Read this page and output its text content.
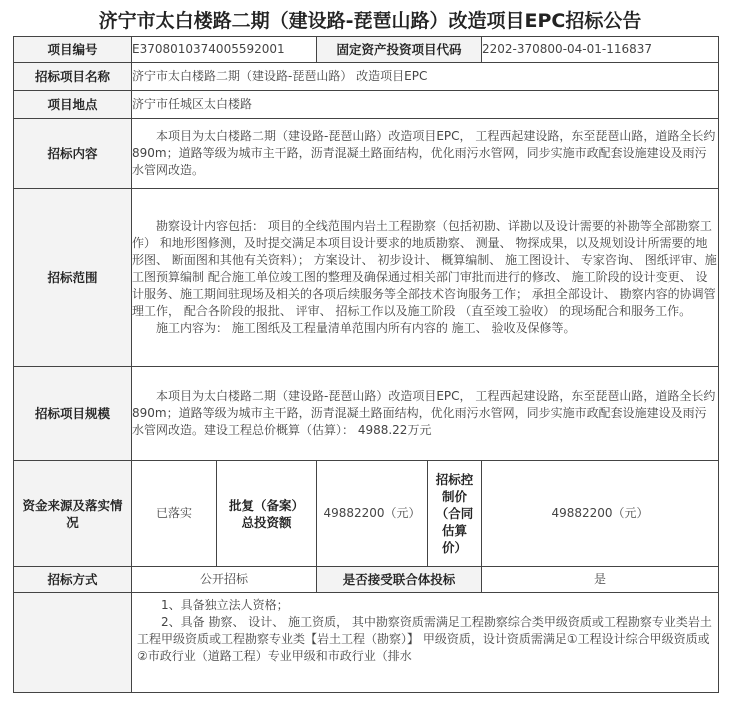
济宁市太白楼路二期（建设路-琵琶山路）改造项目EPC招标公告
项目编号	E3708010374005592001		固定资产投资项目代码		2202-370800-04-01-116837
招标项目名称	济宁市太白楼路二期（建设路-琵琶山路） 改造项目EPC				
项目地点	济宁市任城区太白楼路				
招标内容	本项目为太白楼路二期（建设路-琵琶山路）改造项目EPC， 工程西起建设路，东至琵琶山路，道路全长约890m；道路等级为城市主干路，沥青混凝土路面结构，优化雨污水管网，同步实施市政配套设施建设及雨污水管网改造。				

招标范围	勘察设计内容包括： 项目的全线范围内岩土工程勘察（包括初勘、详勘以及设计需要的补勘等全部勘察工作） 和地形图修测，及时提交满足本项目设计要求的地质勘察、 测量、 物探成果，以及规划设计所需要的地形图、 断面图和其他有关资料）； 方案设计、 初步设计、 概算编制、 施工图设计、 专家咨询、 图纸评审、施工图预算编制 配合施工单位竣工图的整理及确保通过相关部门审批而进行的修改、 施工阶段的设计变更、 设计服务、施工期间驻现场及相关的各项后续服务等全部技术咨询服务工作； 承担全部设计、 勘察内容的协调管理工作， 配合各阶段的报批、 评审、 招标工作以及施工阶段 （直至竣工验收） 的现场配合和服务工作。

施工内容为： 施工图纸及工程量清单范围内所有内容的 施工、 验收及保修等。				

招标项目规模	本项目为太白楼路二期（建设路-琵琶山路）改造项目EPC， 工程西起建设路，东至琵琶山路，道路全长约890m；道路等级为城市主干路，沥青混凝土路面结构，优化雨污水管网，同步实施市政配套设施建设及雨污水管网改造。建设工程总价概算（估算）： 4988.22万元				

资金来源及落实情况	已落实	批复（备案）总投资额	49882200（元）	招标控制价（合同估算价）	49882200（元）
招标方式	公开招标		是否接受联合体投标		是

	1、具备独立法人资格；

2、具备 勘察、 设计、 施工资质， 其中勘察资质需满足工程勘察综合类甲级资质或工程勘察专业类岩土工程甲级资质或工程勘察专业类【岩土工程（勘察）】 甲级资质，设计资质需满足①工程设计综合甲级资质或②市政行业（道路工程）专业甲级和市政行业（排水				
